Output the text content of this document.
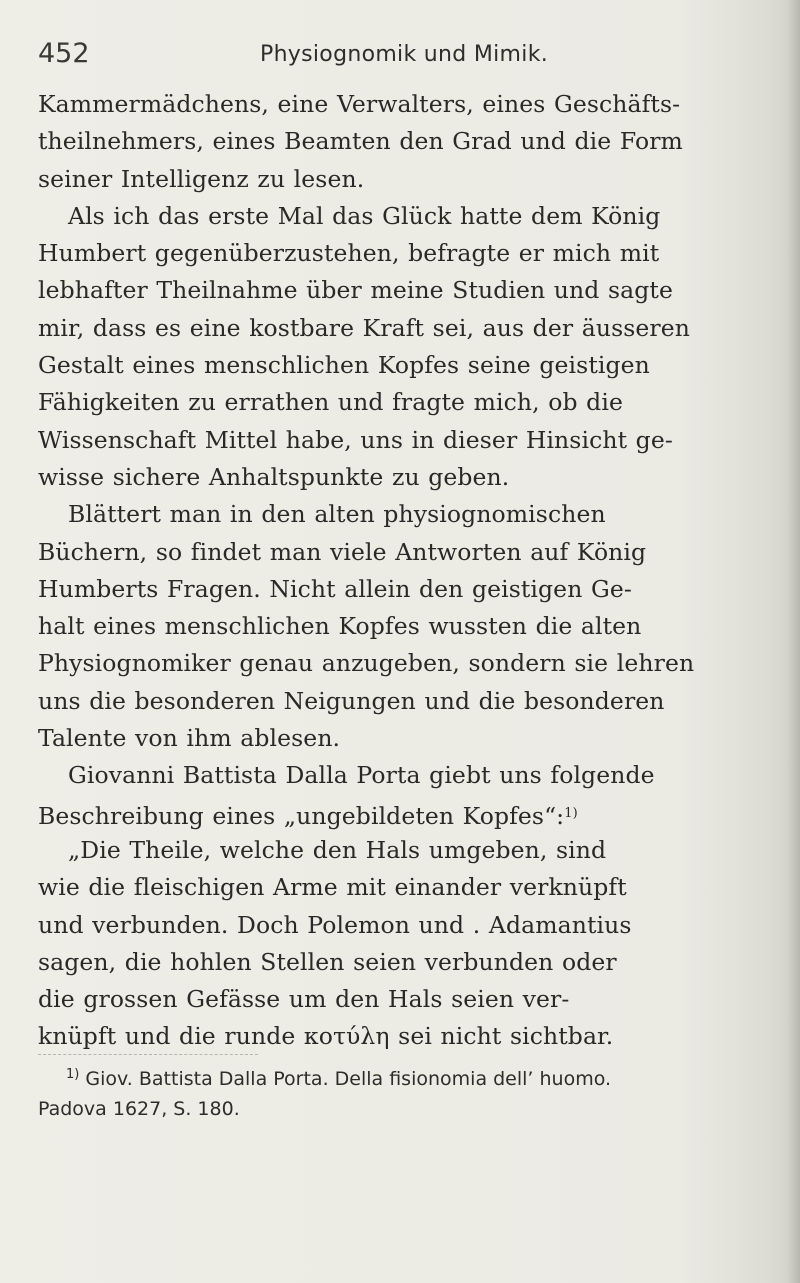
452	Physiognomik und Mimik.
Kammermädchens, eine Verwalters, eines Geschäfts-
theilnehmers, eines Beamten den Grad und die Form
seiner Intelligenz zu lesen.
Als ich das erste Mal das Glück hatte dem König
Humbert gegenüberzustehen, befragte er mich mit
lebhafter Theilnahme über meine Studien und sagte
mir, dass es eine kostbare Kraft sei, aus der äusseren
Gestalt eines menschlichen Kopfes seine geistigen
Fähigkeiten zu errathen und fragte mich, ob die
Wissenschaft Mittel habe, uns in dieser Hinsicht ge-
wisse sichere Anhaltspunkte zu geben.
Blättert man in den alten physiognomischen
Büchern, so findet man viele Antworten auf König
Humberts Fragen. Nicht allein den geistigen Ge-
halt eines menschlichen Kopfes wussten die alten
Physiognomiker genau anzugeben, sondern sie lehren
uns die besonderen Neigungen und die besonderen
Talente von ihm ablesen.
Giovanni Battista Dalla Porta giebt uns folgende
Beschreibung eines „ungebildeten Kopfes“:$^{1)}$
„Die Theile, welche den Hals umgeben, sind
wie die fleischigen Arme mit einander verknüpft
und verbunden. Doch Polemon und . Adamantius
sagen, die hohlen Stellen seien verbunden oder
die grossen Gefässe um den Hals seien ver-
knüpft und die runde κοτύλη sei nicht sichtbar.
$^{1)}$ Giov. Battista Dalla Porta. Della fisionomia dell’ huomo.
Padova 1627, S. 180.
